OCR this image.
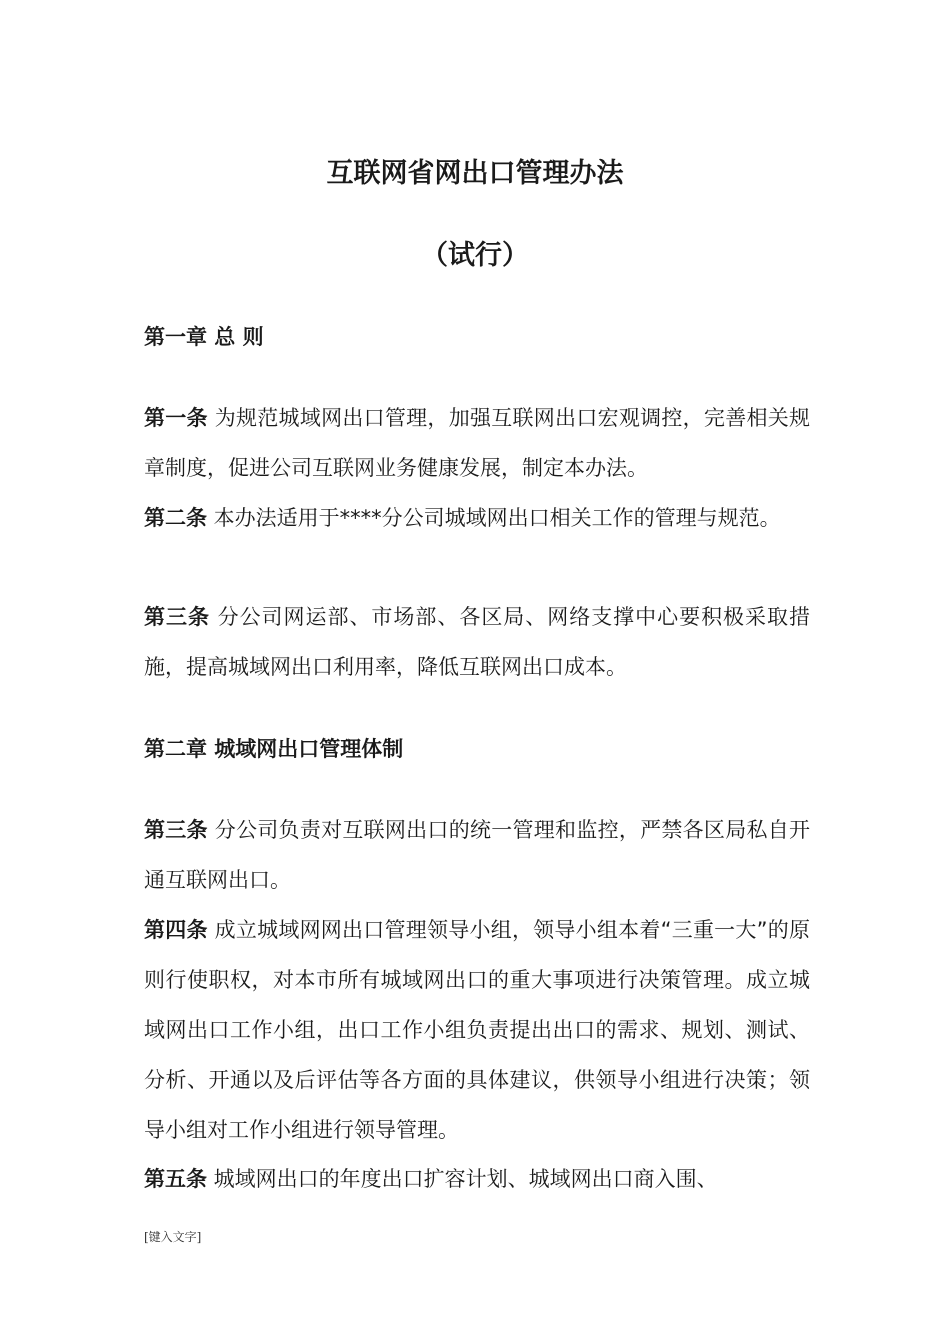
互联网省网出口管理办法
（试行）
第一章 总 则
第一条 为规范城域网出口管理，加强互联网出口宏观调控，完善相关规章制度，促进公司互联网业务健康发展，制定本办法。
第二条 本办法适用于****分公司城域网出口相关工作的管理与规范。
第三条 分公司网运部、市场部、各区局、网络支撑中心要积极采取措施，提高城域网出口利用率，降低互联网出口成本。
第二章 城域网出口管理体制
第三条 分公司负责对互联网出口的统一管理和监控，严禁各区局私自开通互联网出口。
第四条 成立城域网网出口管理领导小组，领导小组本着“三重一大”的原则行使职权，对本市所有城域网出口的重大事项进行决策管理。成立城域网出口工作小组，出口工作小组负责提出出口的需求、规划、测试、分析、开通以及后评估等各方面的具体建议，供领导小组进行决策；领导小组对工作小组进行领导管理。
第五条 城域网出口的年度出口扩容计划、城域网出口商入围、
[键入文字]
